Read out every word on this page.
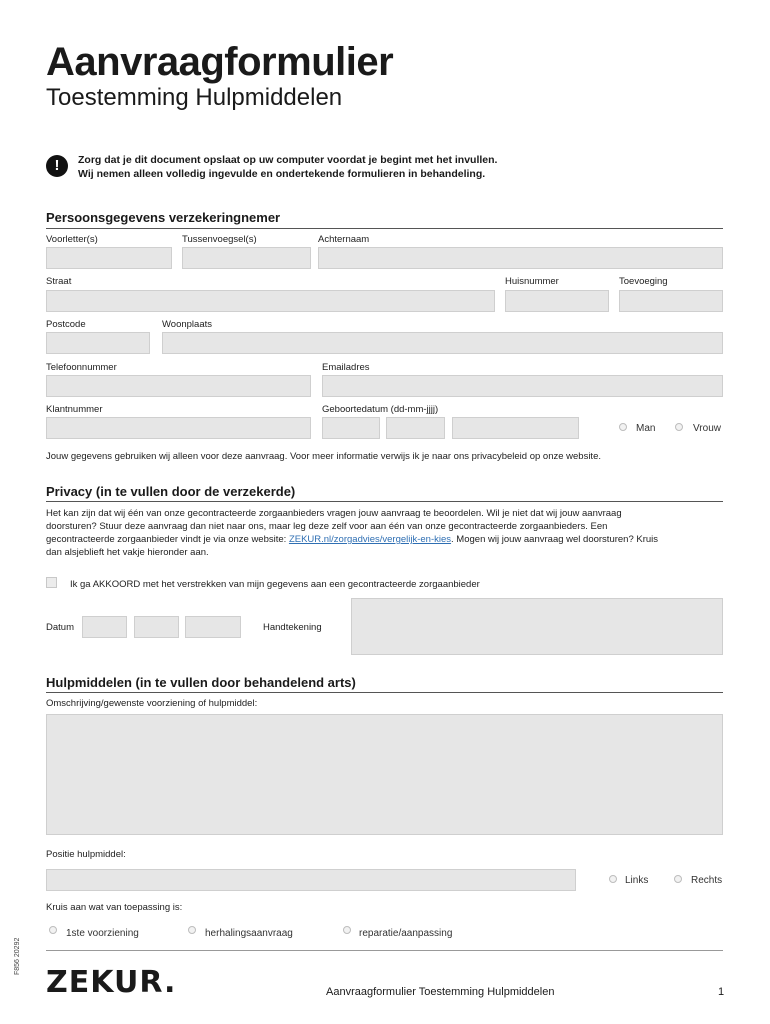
Aanvraagformulier
Toestemming Hulpmiddelen
!	Zorg dat je dit document opslaat op uw computer voordat je begint met het invullen.
Wij nemen alleen volledig ingevulde en ondertekende formulieren in behandeling.
Persoonsgegevens verzekeringnemer
Voorletter(s)	Tussenvoegsel(s)	Achternaam
Straat	Huisnummer	Toevoeging
Postcode	Woonplaats
Telefoonnummer	Emailadres
Klantnummer	Geboortedatum (dd-mm-jjjj)
Man	Vrouw
Jouw gegevens gebruiken wij alleen voor deze aanvraag. Voor meer informatie verwijs ik je naar ons privacybeleid op onze website.
Privacy (in te vullen door de verzekerde)
Het kan zijn dat wij één van onze gecontracteerde zorgaanbieders vragen jouw aanvraag te beoordelen. Wil je niet dat wij jouw aanvraag
doorsturen? Stuur deze aanvraag dan niet naar ons, maar leg deze zelf voor aan één van onze gecontracteerde zorgaanbieders. Een
gecontracteerde zorgaanbieder vindt je via onze website: ZEKUR.nl/zorgadvies/vergelijk-en-kies. Mogen wij jouw aanvraag wel doorsturen? Kruis
dan alsjeblieft het vakje hieronder aan.
Ik ga AKKOORD met het verstrekken van mijn gegevens aan een gecontracteerde zorgaanbieder
Datum	Handtekening
Hulpmiddelen (in te vullen door behandelend arts)
Omschrijving/gewenste voorziening of hulpmiddel:
Positie hulpmiddel:
Links	Rechts
Kruis aan wat van toepassing is:
1ste voorziening	herhalingsaanvraag	reparatie/aanpassing
F856 20292
ZEKUR.	Aanvraagformulier Toestemming Hulpmiddelen	1
